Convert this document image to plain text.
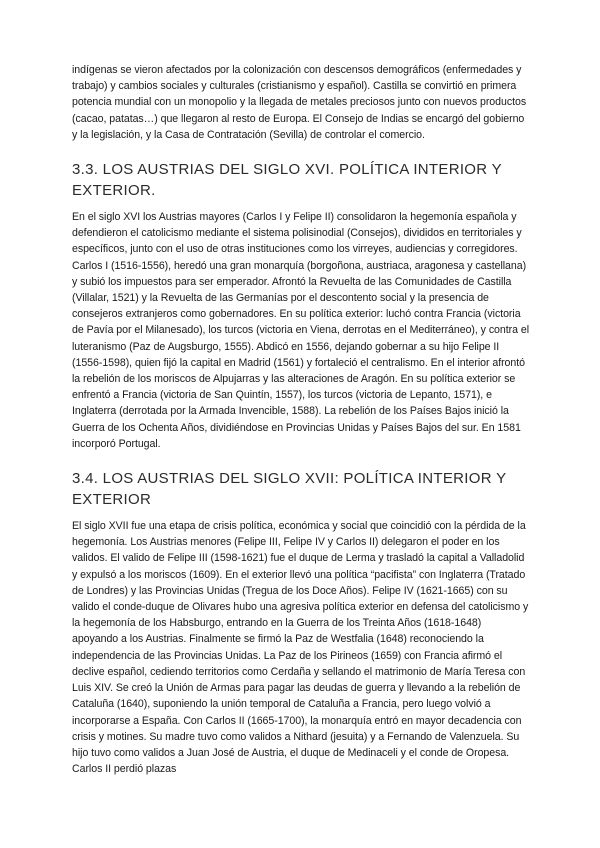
indígenas se vieron afectados por la colonización con descensos demográficos (enfermedades y trabajo) y cambios sociales y culturales (cristianismo y español). Castilla se convirtió en primera potencia mundial con un monopolio y la llegada de metales preciosos junto con nuevos productos (cacao, patatas…) que llegaron al resto de Europa. El Consejo de Indias se encargó del gobierno y la legislación, y la Casa de Contratación (Sevilla) de controlar el comercio.

3.3. LOS AUSTRIAS DEL SIGLO XVI. POLÍTICA INTERIOR Y EXTERIOR.

En el siglo XVI los Austrias mayores (Carlos I y Felipe II) consolidaron la hegemonía española y defendieron el catolicismo mediante el sistema polisinodial (Consejos), divididos en territoriales y específicos, junto con el uso de otras instituciones como los virreyes, audiencias y corregidores. Carlos I (1516-1556), heredó una gran monarquía (borgoñona, austriaca, aragonesa y castellana) y subió los impuestos para ser emperador. Afrontó la Revuelta de las Comunidades de Castilla (Villalar, 1521) y la Revuelta de las Germanías por el descontento social y la presencia de consejeros extranjeros como gobernadores. En su política exterior: luchó contra Francia (victoria de Pavía por el Milanesado), los turcos (victoria en Viena, derrotas en el Mediterráneo), y contra el luteranismo (Paz de Augsburgo, 1555). Abdicó en 1556, dejando gobernar a su hijo Felipe II (1556-1598), quien fijó la capital en Madrid (1561) y fortaleció el centralismo. En el interior afrontó la rebelión de los moriscos de Alpujarras y las alteraciones de Aragón. En su política exterior se enfrentó a Francia (victoria de San Quintín, 1557), los turcos (victoria de Lepanto, 1571), e Inglaterra (derrotada por la Armada Invencible, 1588). La rebelión de los Países Bajos inició la Guerra de los Ochenta Años, dividiéndose en Provincias Unidas y Países Bajos del sur. En 1581 incorporó Portugal.

3.4. LOS AUSTRIAS DEL SIGLO XVII: POLÍTICA INTERIOR Y EXTERIOR

El siglo XVII fue una etapa de crisis política, económica y social que coincidió con la pérdida de la hegemonía. Los Austrias menores (Felipe III, Felipe IV y Carlos II) delegaron el poder en los validos. El valido de Felipe III (1598-1621) fue el duque de Lerma y trasladó la capital a Valladolid y expulsó a los moriscos (1609). En el exterior llevó una política “pacifista” con Inglaterra (Tratado de Londres) y las Provincias Unidas (Tregua de los Doce Años). Felipe IV (1621-1665) con su valido el conde-duque de Olivares hubo una agresiva política exterior en defensa del catolicismo y la hegemonía de los Habsburgo, entrando en la Guerra de los Treinta Años (1618-1648) apoyando a los Austrias. Finalmente se firmó la Paz de Westfalia (1648) reconociendo la independencia de las Provincias Unidas. La Paz de los Pirineos (1659) con Francia afirmó el declive español, cediendo territorios como Cerdaña y sellando el matrimonio de María Teresa con Luis XIV. Se creó la Unión de Armas para pagar las deudas de guerra y llevando a la rebelión de Cataluña (1640), suponiendo la unión temporal de Cataluña a Francia, pero luego volvió a incorporarse a España. Con Carlos II (1665-1700), la monarquía entró en mayor decadencia con crisis y motines. Su madre tuvo como validos a Nithard (jesuita) y a Fernando de Valenzuela. Su hijo tuvo como validos a Juan José de Austria, el duque de Medinaceli y el conde de Oropesa. Carlos II perdió plazas
